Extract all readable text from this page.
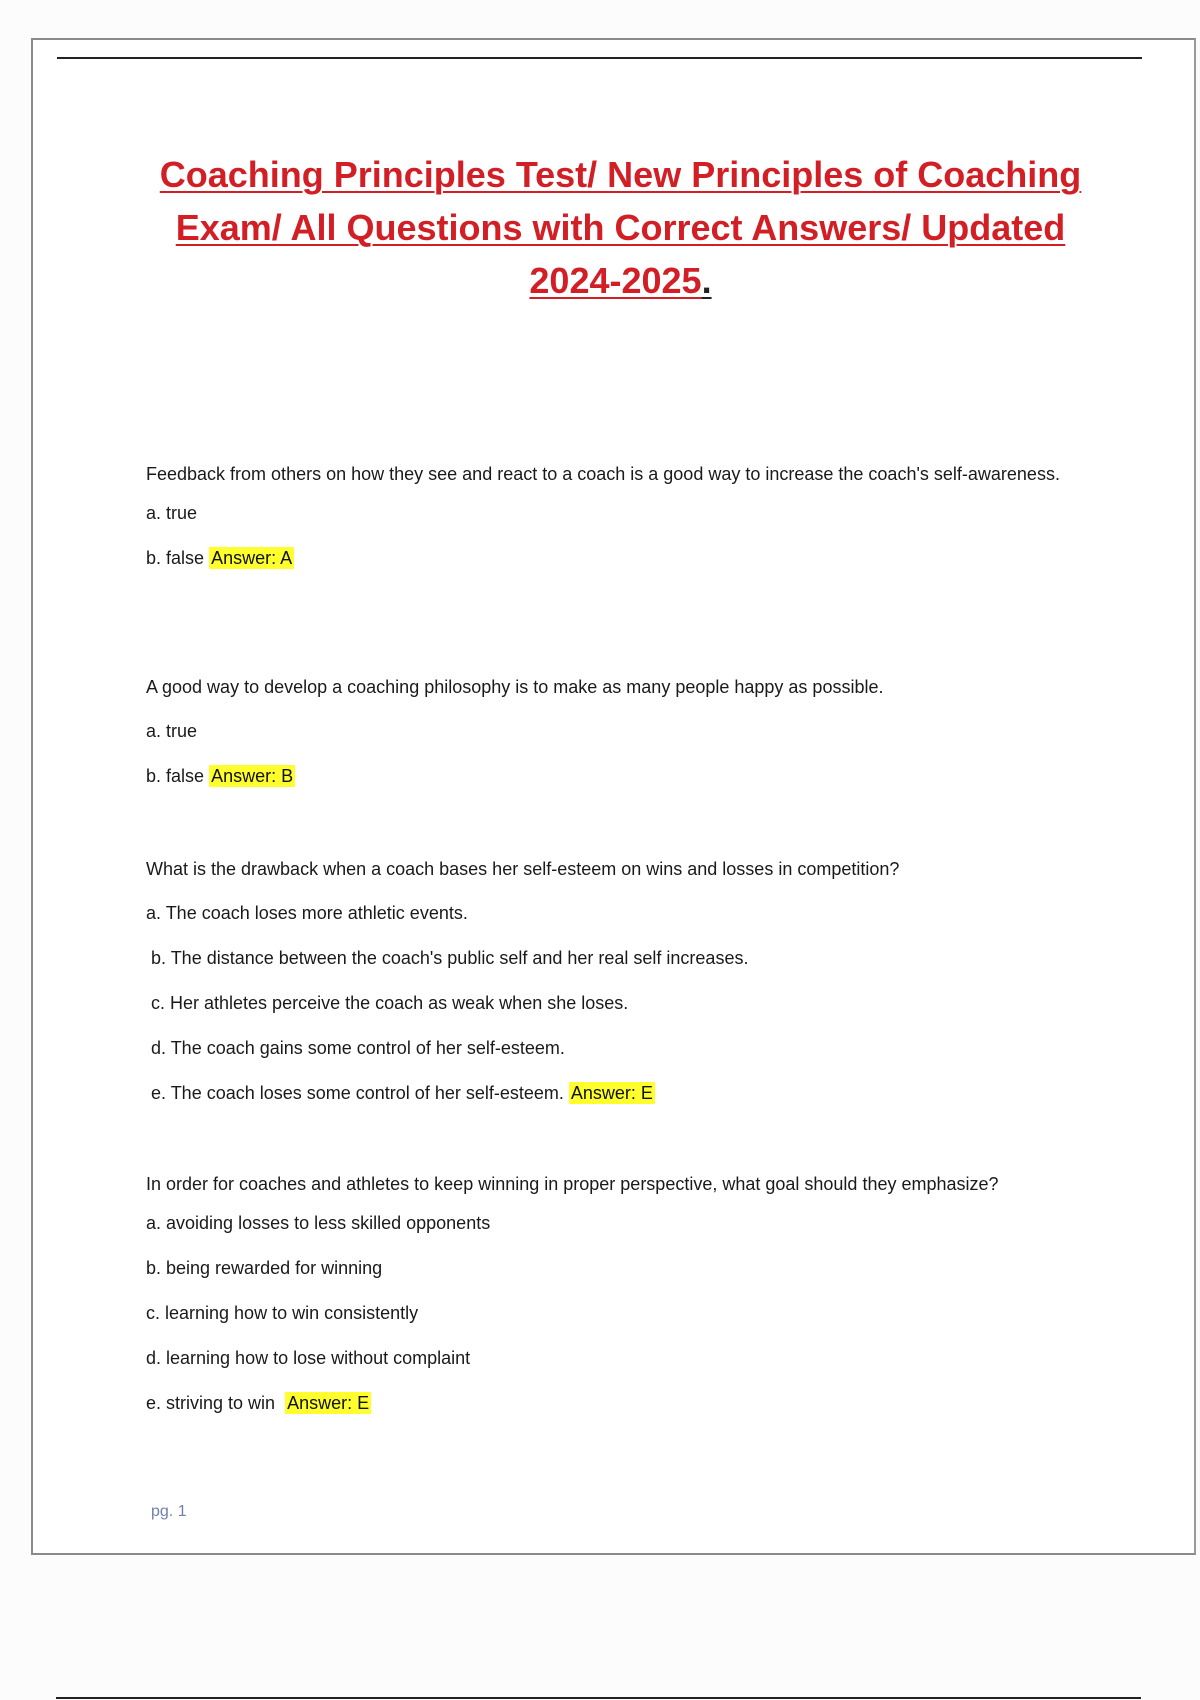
Coaching Principles Test/ New Principles of Coaching
Exam/ All Questions with Correct Answers/ Updated
2024-2025.

Feedback from others on how they see and react to a coach is a good way to increase the coach's self-awareness.

a. true

b. false Answer: A

A good way to develop a coaching philosophy is to make as many people happy as possible.

a. true

b. false Answer: B

What is the drawback when a coach bases her self-esteem on wins and losses in competition?

a. The coach loses more athletic events.

b. The distance between the coach's public self and her real self increases.

c. Her athletes perceive the coach as weak when she loses.

d. The coach gains some control of her self-esteem.

e. The coach loses some control of her self-esteem. Answer: E

In order for coaches and athletes to keep winning in proper perspective, what goal should they emphasize?

a. avoiding losses to less skilled opponents

b. being rewarded for winning

c. learning how to win consistently

d. learning how to lose without complaint

e. striving to win Answer: E

pg. 1
